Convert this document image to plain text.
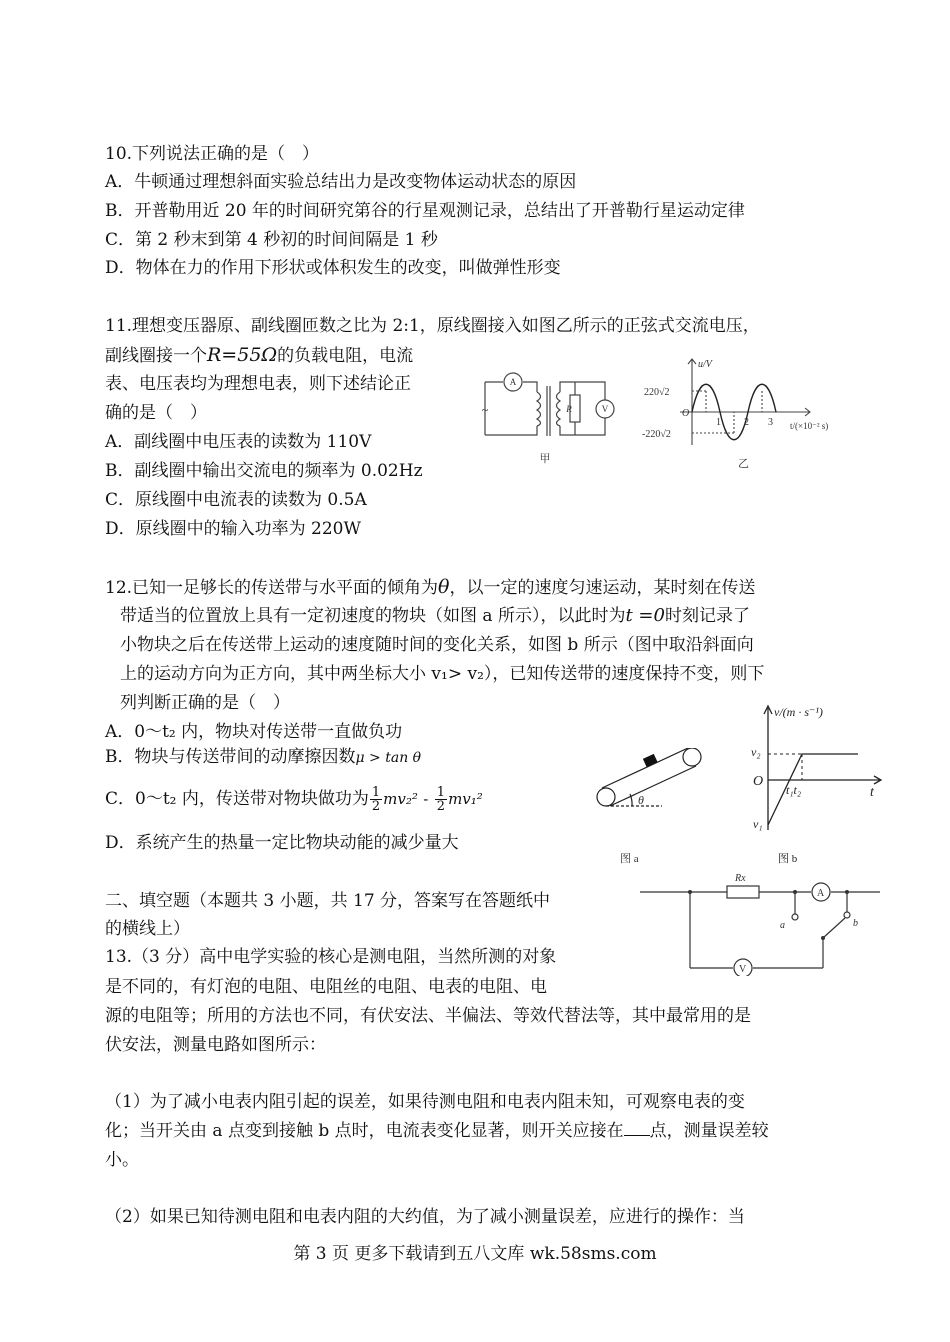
10.下列说法正确的是（　）
A．牛顿通过理想斜面实验总结出力是改变物体运动状态的原因
B．开普勒用近 20 年的时间研究第谷的行星观测记录，总结出了开普勒行星运动定律
C．第 2 秒末到第 4 秒初的时间间隔是 1 秒
D．物体在力的作用下形状或体积发生的改变，叫做弹性形变
11.理想变压器原、副线圈匝数之比为 2:1，原线圈接入如图乙所示的正弦式交流电压，
副线圈接一个R=55Ω的负载电阻，电流
表、电压表均为理想电表，则下述结论正
确的是（　）
A．副线圈中电压表的读数为 110V
B．副线圈中输出交流电的频率为 0.02Hz
C．原线圈中电流表的读数为 0.5A
D．原线圈中的输入功率为 220W
A
V
R
~
甲
u/V
220√2
-220√2
O
1 2 3 t/(×10⁻² s)
乙
12.已知一足够长的传送带与水平面的倾角为θ，以一定的速度匀速运动，某时刻在传送
带适当的位置放上具有一定初速度的物块（如图 a 所示），以此时为t =0时刻记录了
小物块之后在传送带上运动的速度随时间的变化关系，如图 b 所示（图中取沿斜面向
上的运动方向为正方向，其中两坐标大小 v₁> v₂），已知传送带的速度保持不变，则下
列判断正确的是（　）
A．0～t₂ 内，物块对传送带一直做负功
B．物块与传送带间的动摩擦因数μ > tan θ
C．0～t₂ 内，传送带对物块做功为 $\frac{1}{2} mv_2^2 - \frac{1}{2} mv_1^2$
D．系统产生的热量一定比物块动能的减少量大
θ
图 a
v/(m · s⁻¹)
v₂
O
t₁t₂	t
v₁
图 b
二、填空题（本题共 3 小题，共 17 分，答案写在答题纸中
的横线上）
13.（3 分）高中电学实验的核心是测电阻，当然所测的对象
是不同的，有灯泡的电阻、电阻丝的电阻、电表的电阻、电
源的电阻等；所用的方法也不同，有伏安法、半偏法、等效代替法等，其中最常用的是
伏安法，测量电路如图所示：
（1）为了减小电表内阻引起的误差，如果待测电阻和电表内阻未知，可观察电表的变
化；当开关由 a 点变到接触 b 点时，电流表变化显著，则开关应接在 点，测量误差较
小。
（2）如果已知待测电阻和电表内阻的大约值，为了减小测量误差，应进行的操作：当
Rx
A
V
a	b
第 3 页 更多下载请到五八文库 wk.58sms.com
